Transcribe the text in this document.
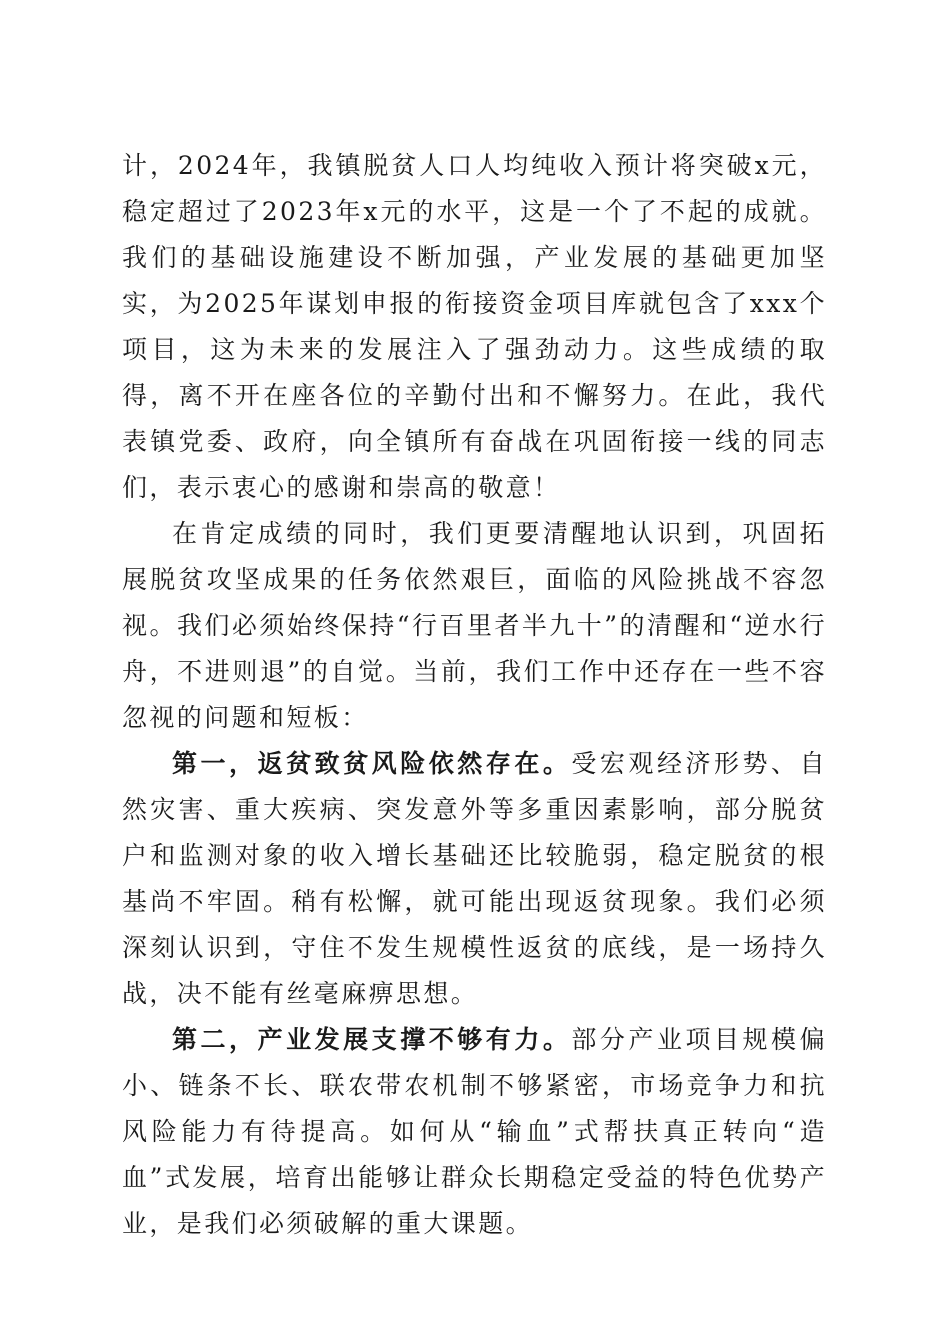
计，2024年，我镇脱贫人口人均纯收入预计将突破x元，稳定超过了2023年x元的水平，这是一个了不起的成就。我们的基础设施建设不断加强，产业发展的基础更加坚实，为2025年谋划申报的衔接资金项目库就包含了xxx个项目，这为未来的发展注入了强劲动力。这些成绩的取得，离不开在座各位的辛勤付出和不懈努力。在此，我代表镇党委、政府，向全镇所有奋战在巩固衔接一线的同志们，表示衷心的感谢和崇高的敬意！

在肯定成绩的同时，我们更要清醒地认识到，巩固拓展脱贫攻坚成果的任务依然艰巨，面临的风险挑战不容忽视。我们必须始终保持“行百里者半九十”的清醒和“逆水行舟，不进则退”的自觉。当前，我们工作中还存在一些不容忽视的问题和短板：

第一，返贫致贫风险依然存在。受宏观经济形势、自然灾害、重大疾病、突发意外等多重因素影响，部分脱贫户和监测对象的收入增长基础还比较脆弱，稳定脱贫的根基尚不牢固。稍有松懈，就可能出现返贫现象。我们必须深刻认识到，守住不发生规模性返贫的底线，是一场持久战，决不能有丝毫麻痹思想。

第二，产业发展支撑不够有力。部分产业项目规模偏小、链条不长、联农带农机制不够紧密，市场竞争力和抗风险能力有待提高。如何从“输血”式帮扶真正转向“造血”式发展，培育出能够让群众长期稳定受益的特色优势产业，是我们必须破解的重大课题。
